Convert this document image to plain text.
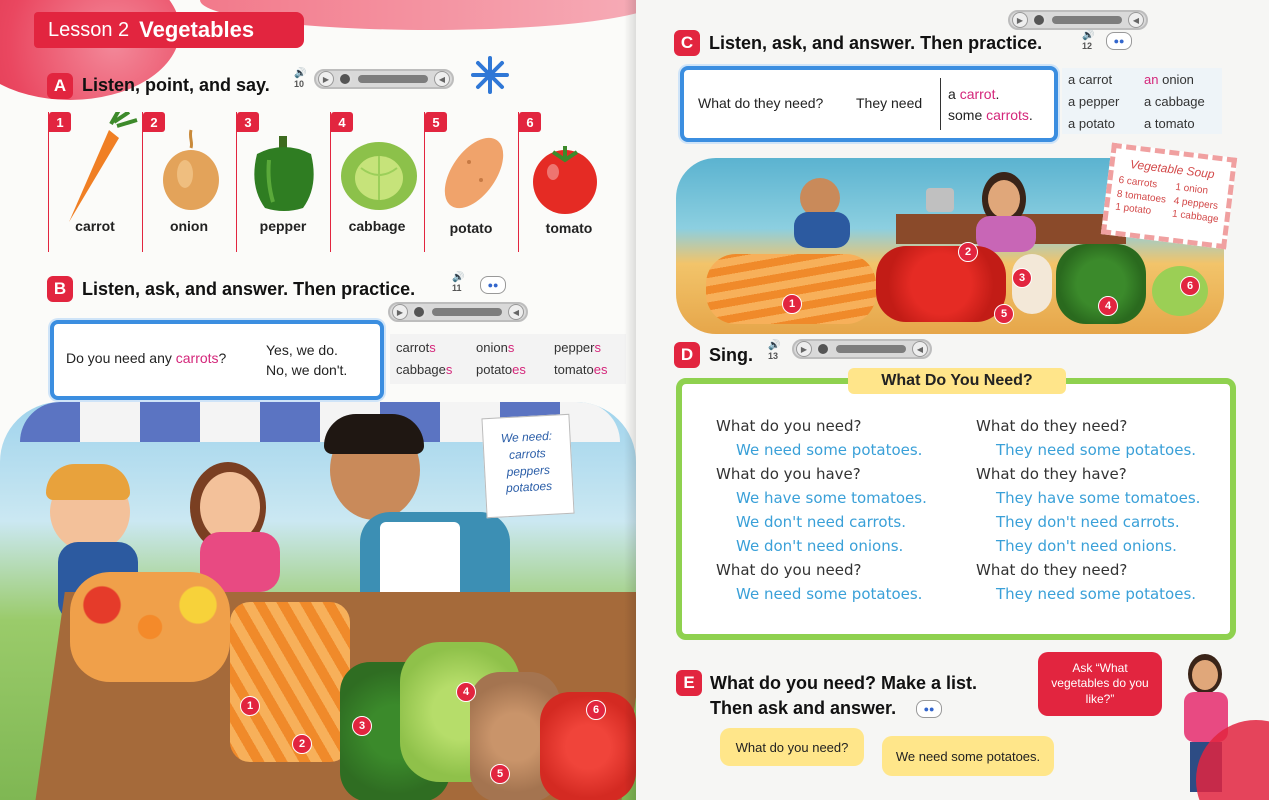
Lesson 2 Vegetables
A Listen, point, and say.
🔊
10	▶	◀
1
carrot
2
onion
3
pepper
4
cabbage
5
potato
6
tomato
B Listen, ask, and answer. Then practice.
🔊
11	●●
▶	◀
Do you need any carrots?	Yes, we do.
No, we don't.
carrots	onions	peppers
cabbages potatoes tomatoes
We need:
carrots
peppers
potatoes
1
2
3
4
5
6
▶	◀
C Listen, ask, and answer. Then practice.	🔊
12	●●
What do they need? They need
a carrot.
some carrots.
a carrot an onion
a pepper a cabbage
a potato a tomato
1
2
3
4
5
6
Vegetable Soup
6 carrots
8 tomatoes
1 potato
1 onion
4 peppers
1 cabbage
D Sing. 🔊
13
▶	◀
What Do You Need?
What do you need?
We need some potatoes.
What do you have?
We have some tomatoes.
We don't need carrots.
We don't need onions.
What do you need?
We need some potatoes.
What do they need?
They need some potatoes.
What do they have?
They have some tomatoes.
They don't need carrots.
They don't need onions.
What do they need?
They need some potatoes.
E What do you need? Make a list.
Then ask and answer.	●●
What do you need?
We need some potatoes.
Ask “What vegetables do you like?”
